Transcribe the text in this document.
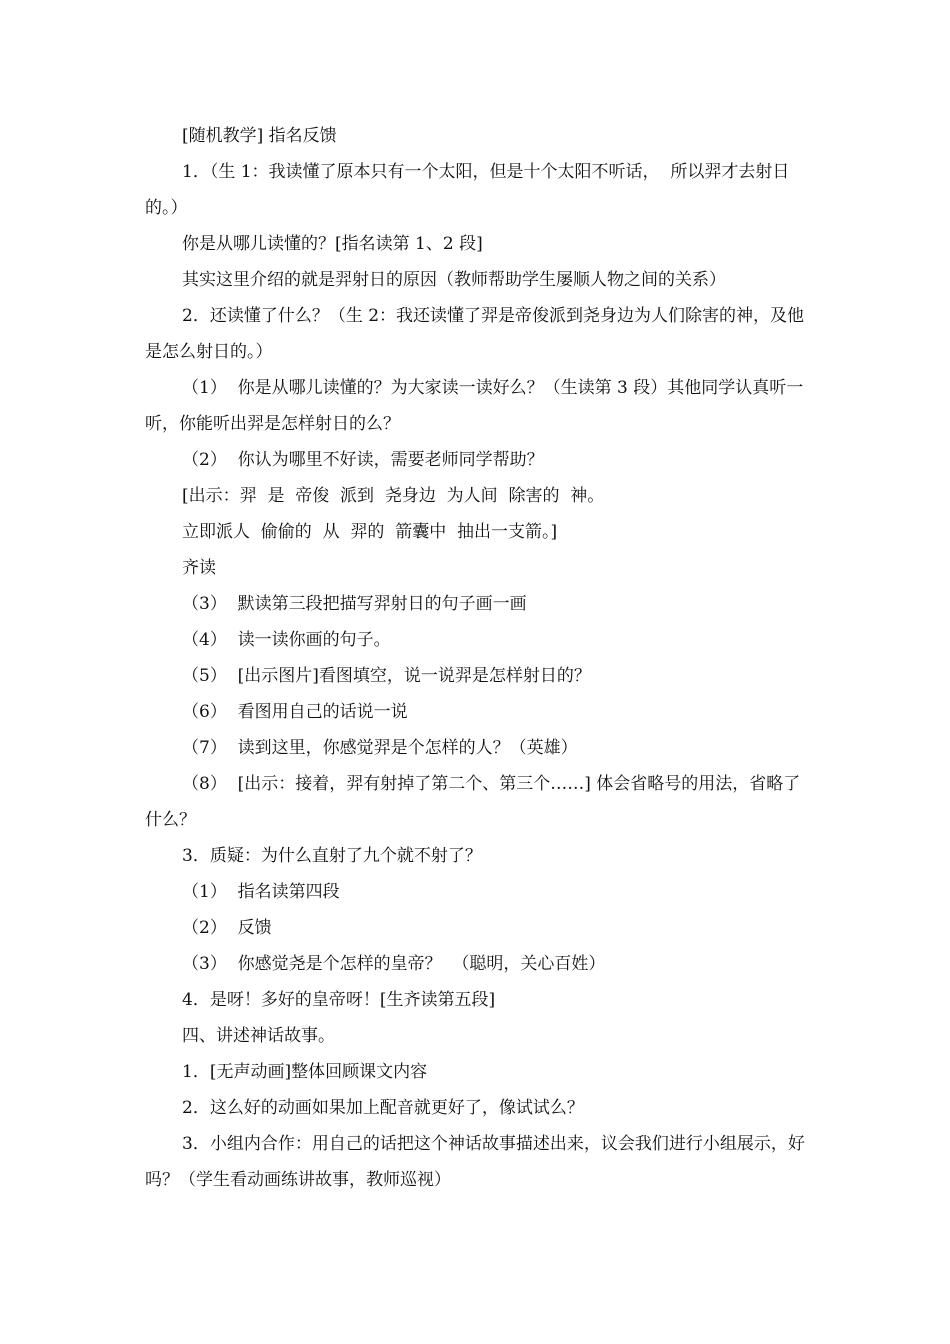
[随机教学] 指名反馈

1．（生 1：我读懂了原本只有一个太阳，但是十个太阳不听话，  所以羿才去射日的。）

你是从哪儿读懂的？[指名读第 1、2 段]

其实这里介绍的就是羿射日的原因（教师帮助学生屡顺人物之间的关系）

2．还读懂了什么？（生 2：我还读懂了羿是帝俊派到尧身边为人们除害的神，及他是怎么射日的。）

（1）  你是从哪儿读懂的？为大家读一读好么？（生读第 3 段）其他同学认真听一听，你能听出羿是怎样射日的么？

（2）  你认为哪里不好读，需要老师同学帮助？

[出示：羿  是  帝俊  派到  尧身边  为人间  除害的  神。

立即派人  偷偷的  从  羿的  箭囊中  抽出一支箭。]

齐读

（3）  默读第三段把描写羿射日的句子画一画

（4）  读一读你画的句子。

（5）  [出示图片]看图填空，说一说羿是怎样射日的？

（6）  看图用自己的话说一说

（7）  读到这里，你感觉羿是个怎样的人？（英雄）

（8）  [出示：接着，羿有射掉了第二个、第三个……] 体会省略号的用法，省略了什么？

3．质疑：为什么直射了九个就不射了？

（1）  指名读第四段

（2）  反馈

（3）  你感觉尧是个怎样的皇帝？  （聪明，关心百姓）

4．是呀！多好的皇帝呀！[生齐读第五段]

四、讲述神话故事。

1．[无声动画]整体回顾课文内容

2．这么好的动画如果加上配音就更好了，像试试么？

3．小组内合作：用自己的话把这个神话故事描述出来，议会我们进行小组展示，好吗？（学生看动画练讲故事，教师巡视）
